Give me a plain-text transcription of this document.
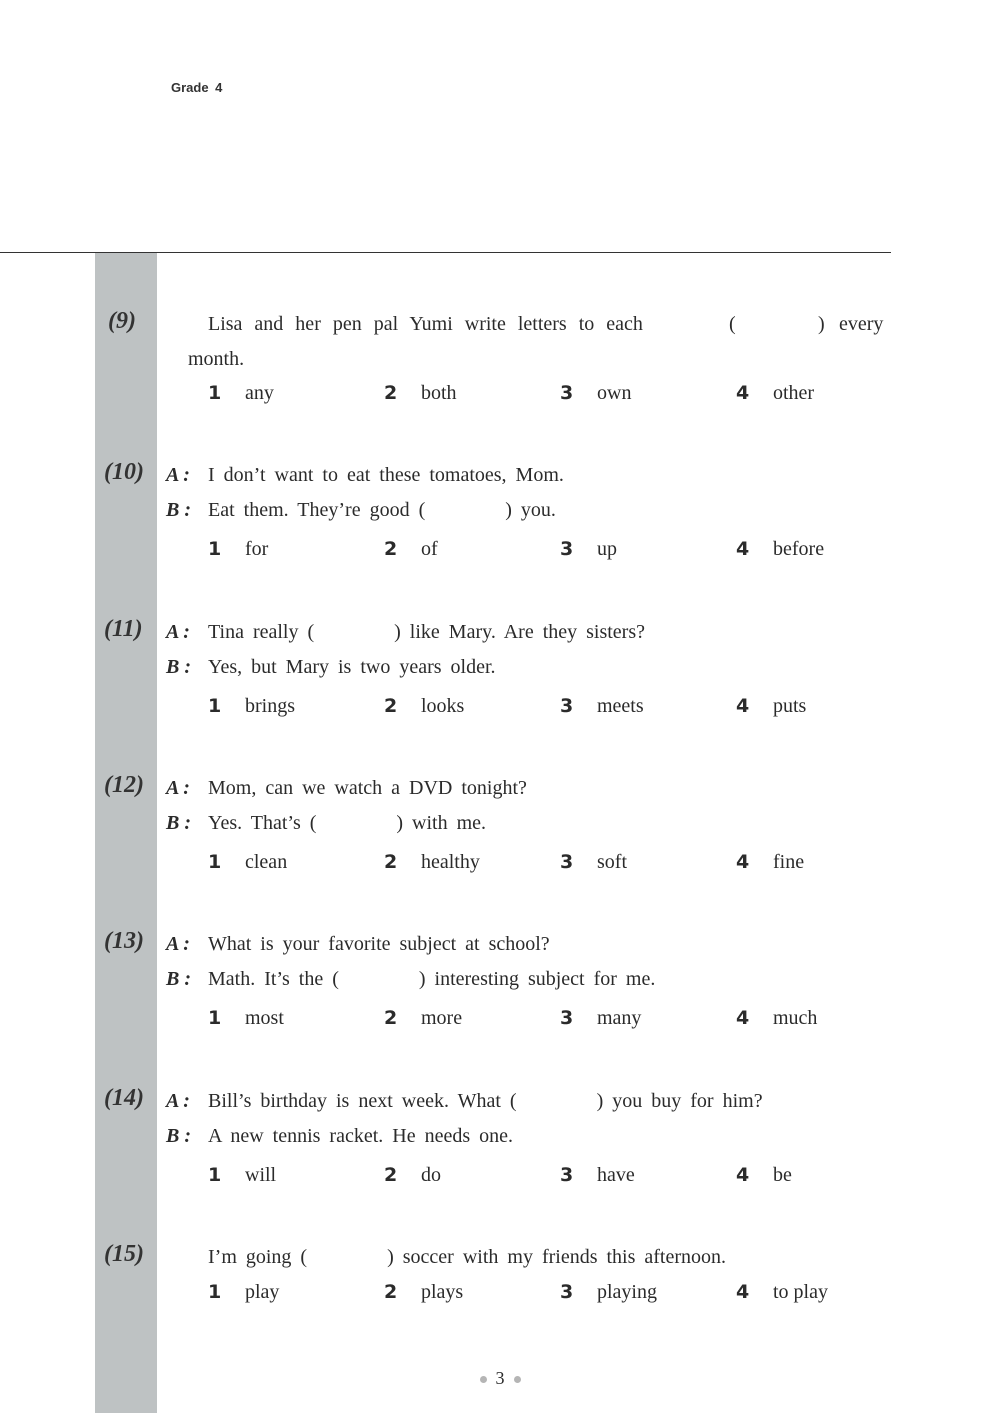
Grade 4
(9)	Lisa and her pen pal Yumi write letters to each	(	) every
month.
1 any	2 both	3 own	4 other
(10) A : I don’t want to eat these tomatoes, Mom.
B : Eat them. They’re good (	) you.
1 for	2 of	3 up	4 before
(11) A : Tina really (	) like Mary. Are they sisters?
B : Yes, but Mary is two years older.
1 brings	2 looks	3 meets	4 puts
(12) A : Mom, can we watch a DVD tonight?
B : Yes. That’s (	) with me.
1 clean	2 healthy	3 soft	4 fine
(13) A : What is your favorite subject at school?
B : Math. It’s the (	) interesting subject for me.
1 most	2 more	3 many	4 much
(14) A : Bill’s birthday is next week. What (	) you buy for him?
B : A new tennis racket. He needs one.
1 will	2 do	3 have	4 be
(15)	I’m going (	) soccer with my friends this afternoon.
1 play	2 plays	3 playing	4 to play
3
